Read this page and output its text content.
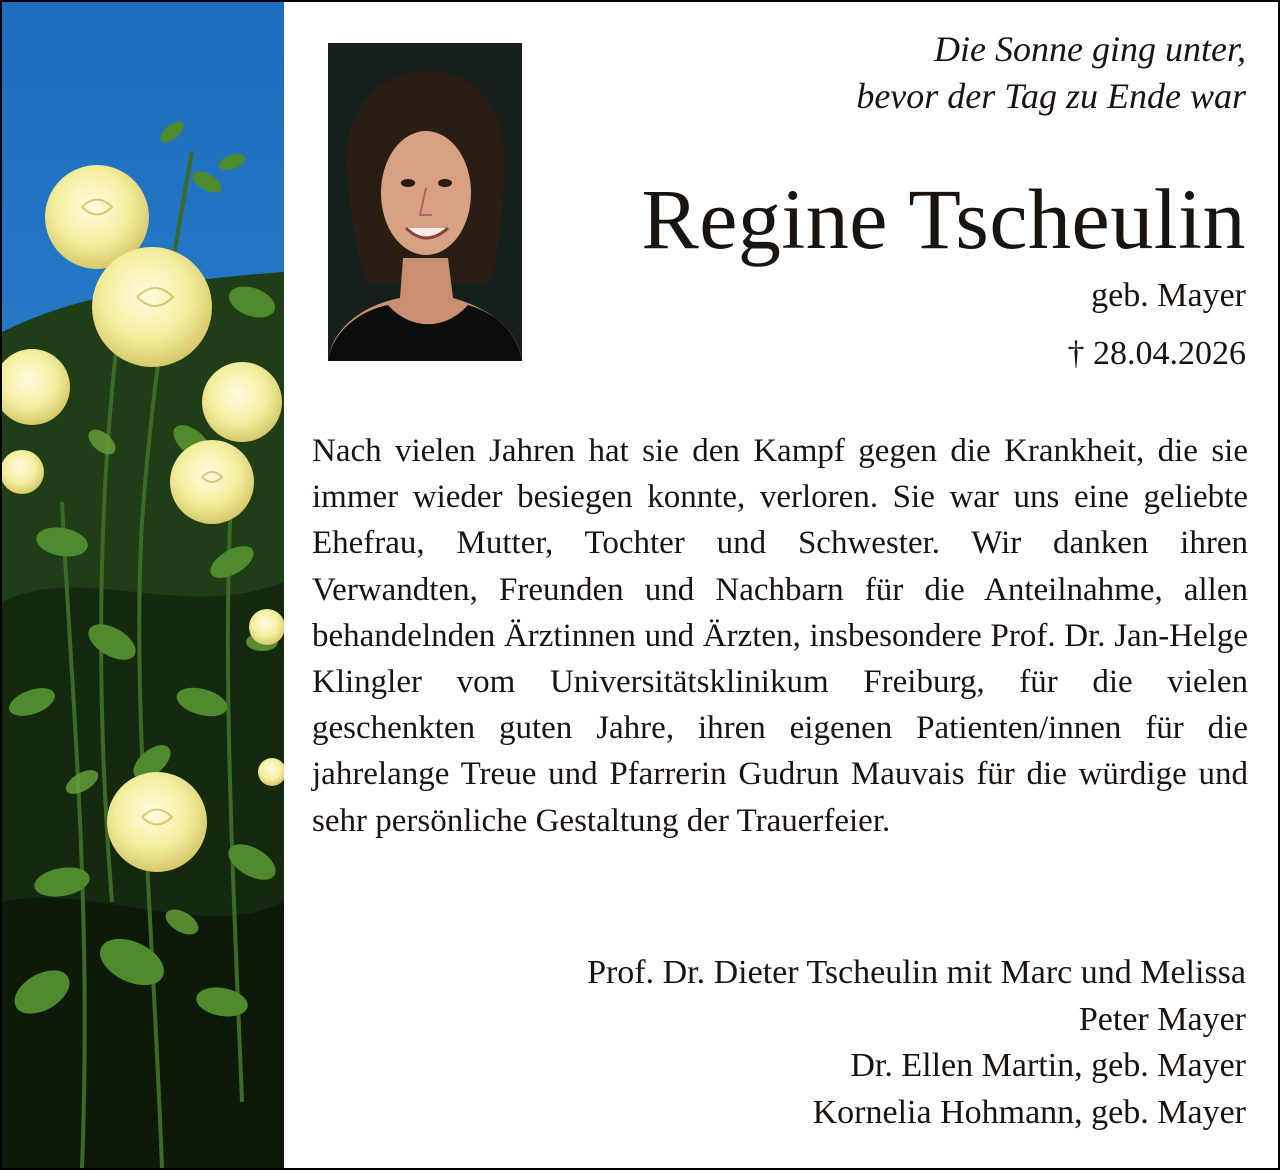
Die Sonne ging unter,
bevor der Tag zu Ende war
Regine Tscheulin
geb. Mayer
† 28.04.2026
Nach vielen Jahren hat sie den Kampf gegen die Krankheit, die sie immer wieder besiegen konnte, verloren. Sie war uns eine geliebte Ehefrau, Mutter, Tochter und Schwester. Wir danken ihren Verwandten, Freunden und Nachbarn für die Anteilnahme, allen behandelnden Ärztinnen und Ärzten, insbesondere Prof. Dr. Jan-Helge Klingler vom Universitätsklinikum Freiburg, für die vielen geschenkten guten Jahre, ihren eigenen Patienten/innen für die jahrelange Treue und Pfarrerin Gudrun Mauvais für die würdige und sehr persönliche Gestaltung der Trauerfeier.
Prof. Dr. Dieter Tscheulin mit Marc und Melissa
Peter Mayer
Dr. Ellen Martin, geb. Mayer
Kornelia Hohmann, geb. Mayer
